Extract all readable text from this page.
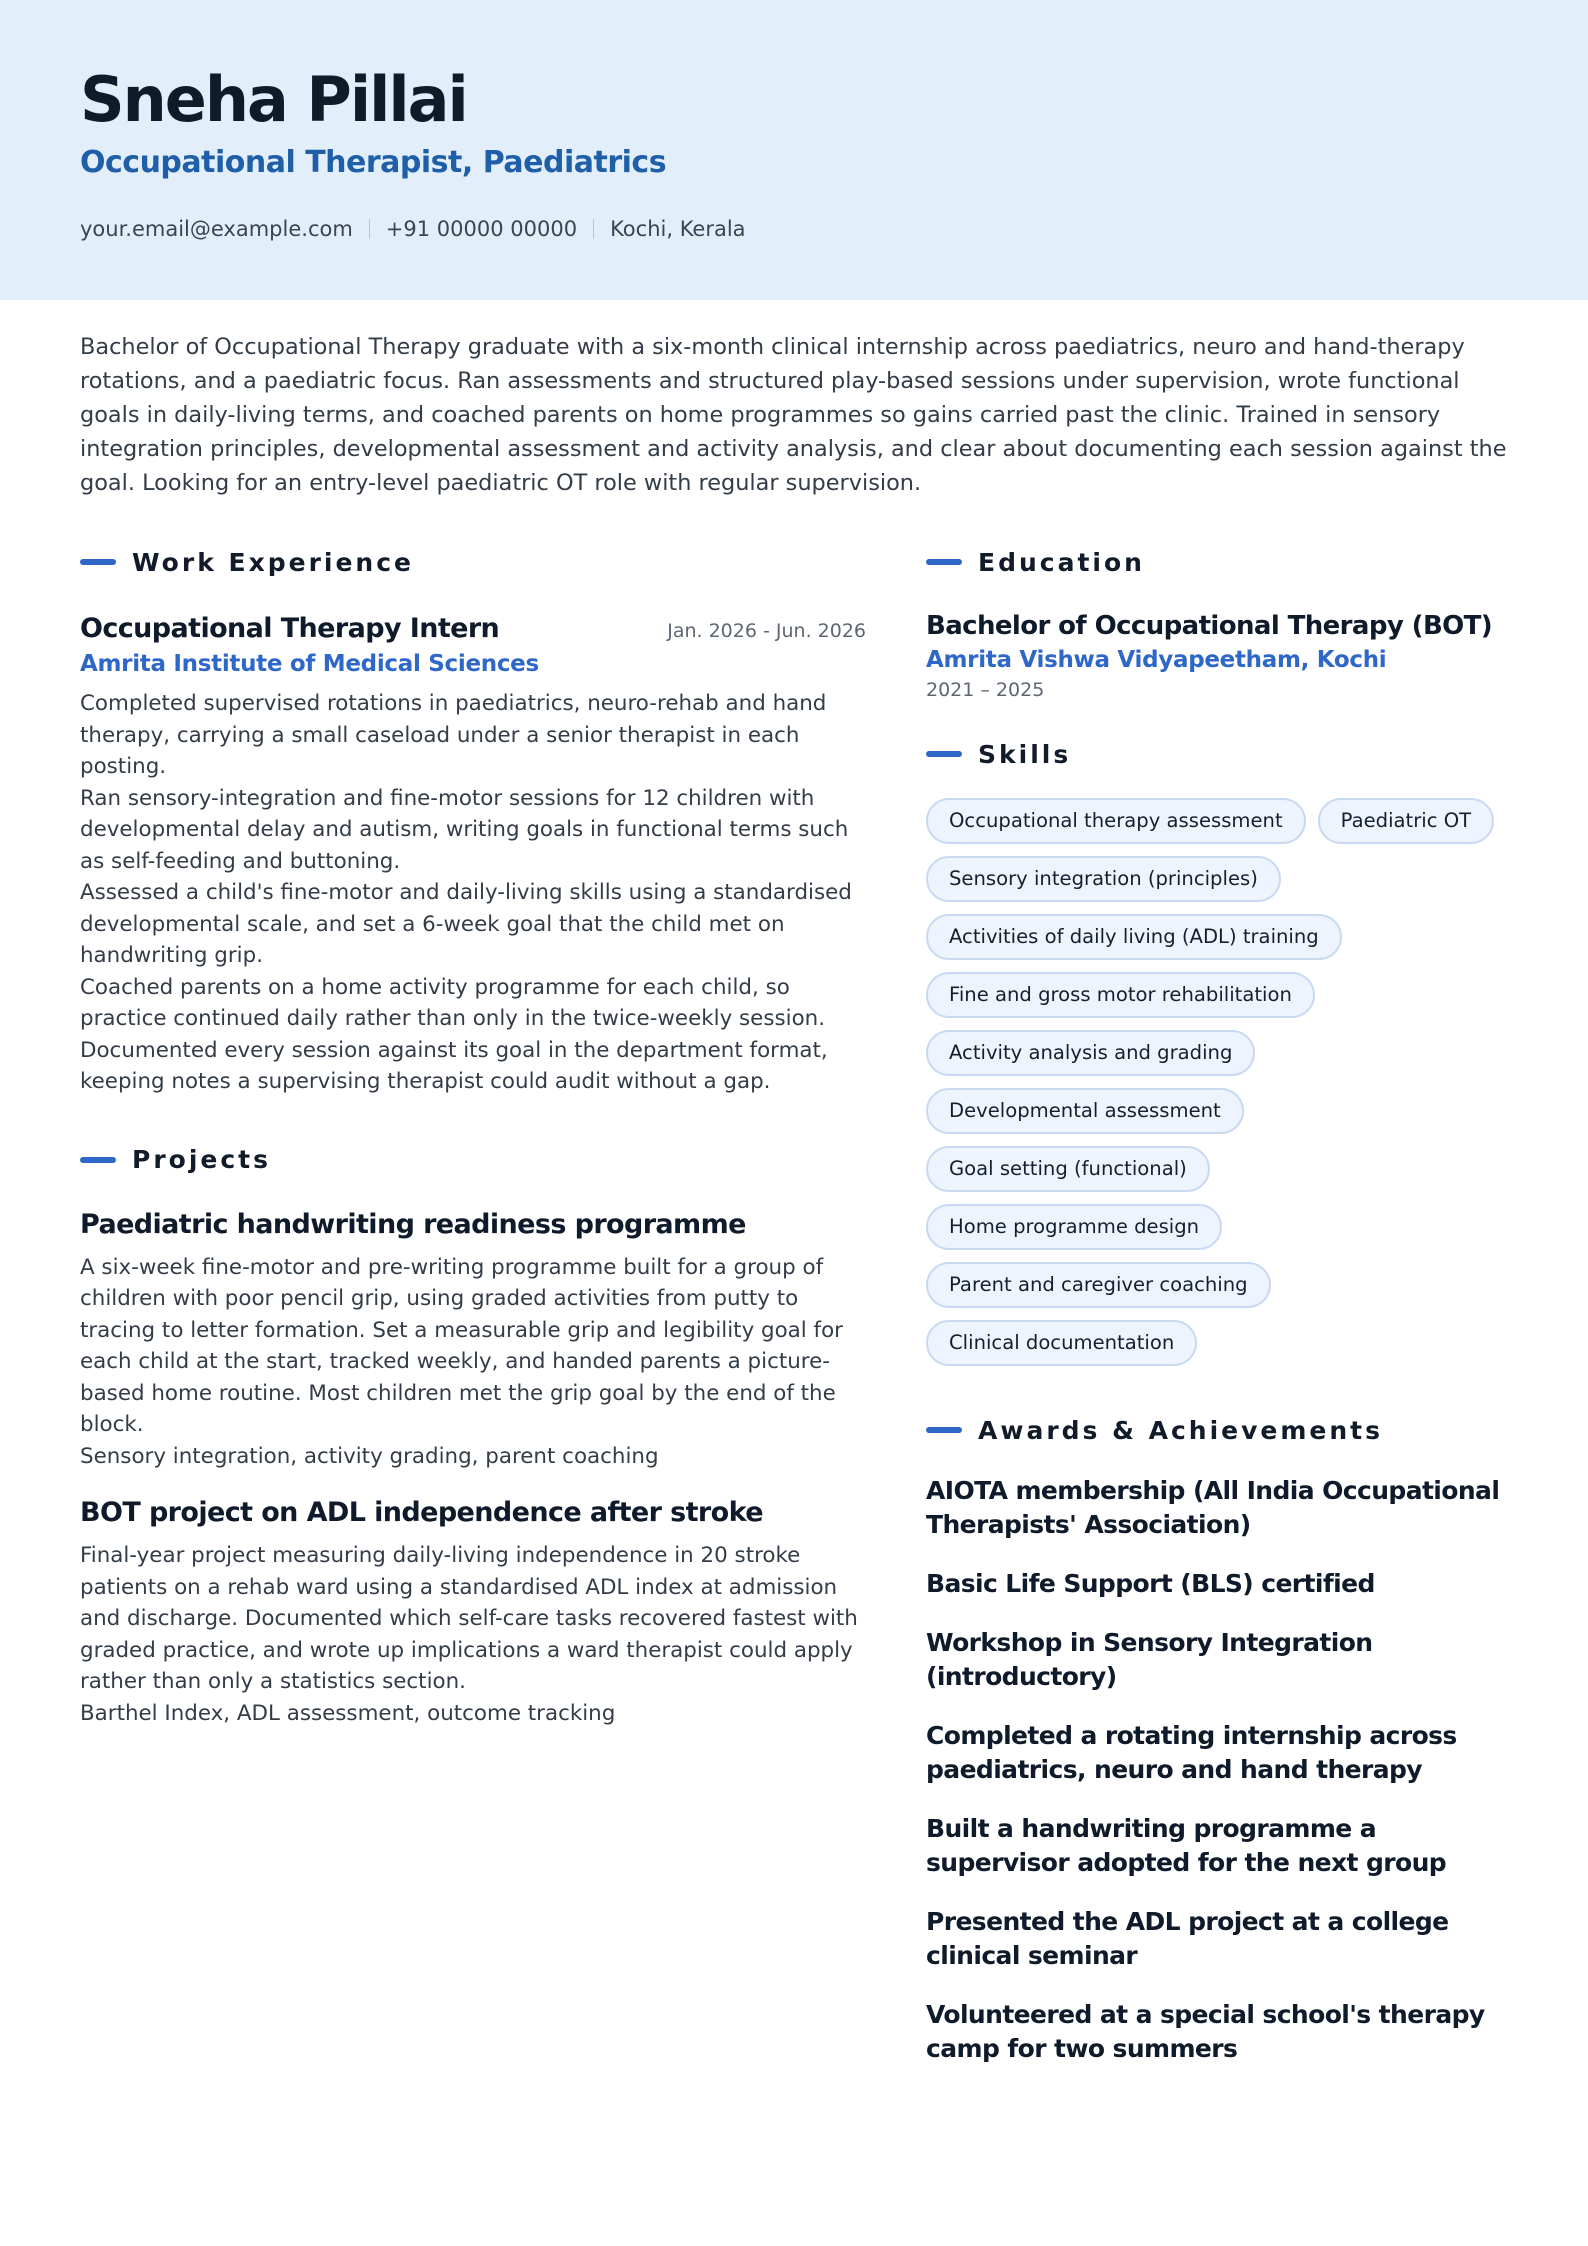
Sneha Pillai
Occupational Therapist, Paediatrics
your.email@example.com +91 00000 00000 Kochi, Kerala
Bachelor of Occupational Therapy graduate with a six-month clinical internship across paediatrics, neuro and hand-therapy rotations, and a paediatric focus. Ran assessments and structured play-based sessions under supervision, wrote functional goals in daily-living terms, and coached parents on home programmes so gains carried past the clinic. Trained in sensory integration principles, developmental assessment and activity analysis, and clear about documenting each session against the goal. Looking for an entry-level paediatric OT role with regular supervision.
Work Experience
Occupational Therapy Intern	Jan. 2026 - Jun. 2026
Amrita Institute of Medical Sciences
Completed supervised rotations in paediatrics, neuro-rehab and hand therapy, carrying a small caseload under a senior therapist in each posting.
Ran sensory-integration and fine-motor sessions for 12 children with developmental delay and autism, writing goals in functional terms such as self-feeding and buttoning.
Assessed a child's fine-motor and daily-living skills using a standardised developmental scale, and set a 6-week goal that the child met on handwriting grip.
Coached parents on a home activity programme for each child, so practice continued daily rather than only in the twice-weekly session.
Documented every session against its goal in the department format, keeping notes a supervising therapist could audit without a gap.
Projects
Paediatric handwriting readiness programme
A six-week fine-motor and pre-writing programme built for a group of children with poor pencil grip, using graded activities from putty to tracing to letter formation. Set a measurable grip and legibility goal for each child at the start, tracked weekly, and handed parents a picture-based home routine. Most children met the grip goal by the end of the block.
Sensory integration, activity grading, parent coaching
BOT project on ADL independence after stroke
Final-year project measuring daily-living independence in 20 stroke patients on a rehab ward using a standardised ADL index at admission and discharge. Documented which self-care tasks recovered fastest with graded practice, and wrote up implications a ward therapist could apply rather than only a statistics section.
Barthel Index, ADL assessment, outcome tracking
Education
Bachelor of Occupational Therapy (BOT)
Amrita Vishwa Vidyapeetham, Kochi
2021 – 2025
Skills
Occupational therapy assessment	Paediatric OT
Sensory integration (principles)
Activities of daily living (ADL) training
Fine and gross motor rehabilitation
Activity analysis and grading
Developmental assessment
Goal setting (functional)
Home programme design
Parent and caregiver coaching
Clinical documentation
Awards & Achievements
AIOTA membership (All India Occupational Therapists' Association)
Basic Life Support (BLS) certified
Workshop in Sensory Integration (introductory)
Completed a rotating internship across paediatrics, neuro and hand therapy
Built a handwriting programme a supervisor adopted for the next group
Presented the ADL project at a college clinical seminar
Volunteered at a special school's therapy camp for two summers
